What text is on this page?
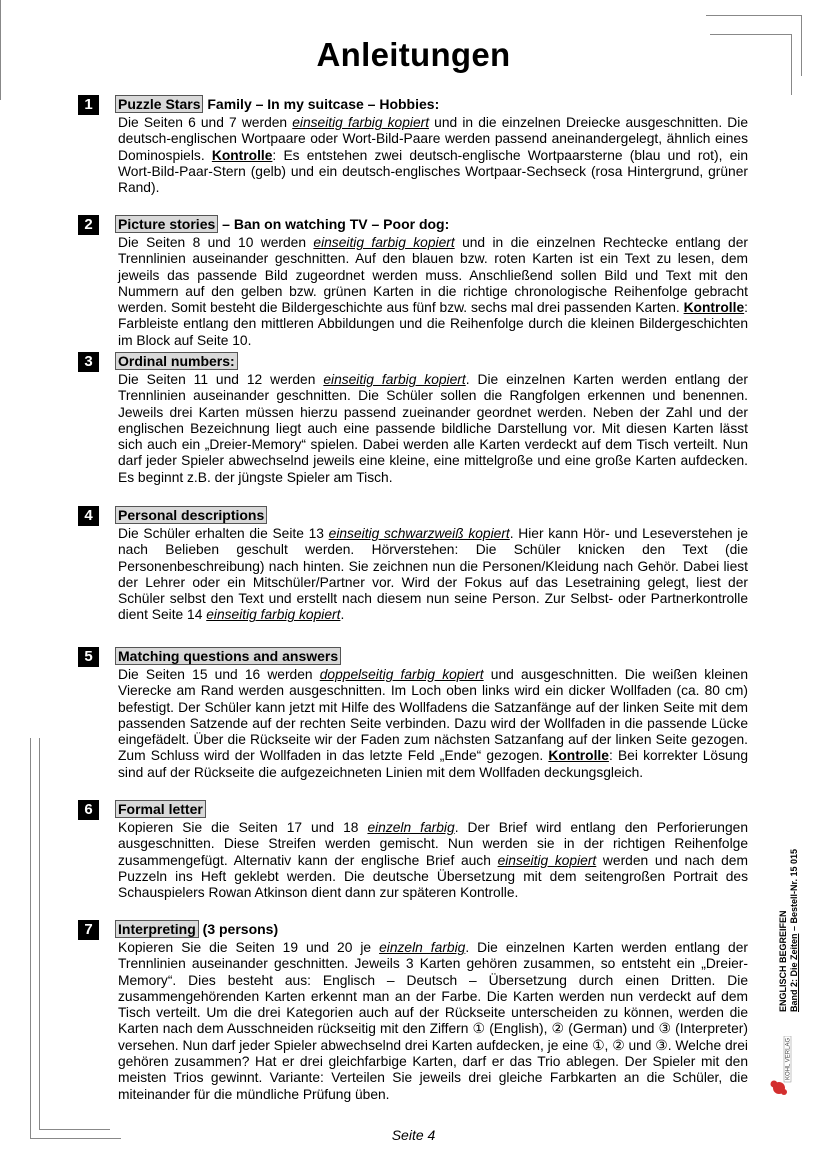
Anleitungen
1	Puzzle Stars Family – In my suitcase – Hobbies:

Die Seiten 6 und 7 werden einseitig farbig kopiert und in die einzelnen Dreiecke ausgeschnitten. Die deutsch-englischen Wortpaare oder Wort-Bild-Paare werden passend aneinandergelegt, ähnlich eines Dominospiels. Kontrolle: Es entstehen zwei deutsch-englische Wortpaarsterne (blau und rot), ein Wort-Bild-Paar-Stern (gelb) und ein deutsch-englisches Wortpaar-Sechseck (rosa Hintergrund, grüner Rand).

2	Picture stories – Ban on watching TV – Poor dog:

Die Seiten 8 und 10 werden einseitig farbig kopiert und in die einzelnen Rechtecke entlang der Trennlinien auseinander geschnitten. Auf den blauen bzw. roten Karten ist ein Text zu lesen, dem jeweils das passende Bild zugeordnet werden muss. Anschließend sollen Bild und Text mit den Nummern auf den gelben bzw. grünen Karten in die richtige chronologische Reihenfolge gebracht werden. Somit besteht die Bildergeschichte aus fünf bzw. sechs mal drei passenden Karten. Kontrolle: Farbleiste entlang den mittleren Abbildungen und die Reihenfolge durch die kleinen Bildergeschichten im Block auf Seite 10.

3	Ordinal numbers:

Die Seiten 11 und 12 werden einseitig farbig kopiert. Die einzelnen Karten werden entlang der Trennlinien auseinander geschnitten. Die Schüler sollen die Rangfolgen erkennen und benennen. Jeweils drei Karten müssen hierzu passend zueinander geordnet werden. Neben der Zahl und der englischen Bezeichnung liegt auch eine passende bildliche Darstellung vor. Mit diesen Karten lässt sich auch ein „Dreier-Memory“ spielen. Dabei werden alle Karten verdeckt auf dem Tisch verteilt. Nun darf jeder Spieler abwechselnd jeweils eine kleine, eine mittelgroße und eine große Karten aufdecken. Es beginnt z.B. der jüngste Spieler am Tisch.

4	Personal descriptions

Die Schüler erhalten die Seite 13 einseitig schwarzweiß kopiert. Hier kann Hör- und Leseverstehen je nach Belieben geschult werden. Hörverstehen: Die Schüler knicken den Text (die Personenbeschreibung) nach hinten. Sie zeichnen nun die Personen/Kleidung nach Gehör. Dabei liest der Lehrer oder ein Mitschüler/Partner vor. Wird der Fokus auf das Lesetraining gelegt, liest der Schüler selbst den Text und erstellt nach diesem nun seine Person. Zur Selbst- oder Partnerkontrolle dient Seite 14 einseitig farbig kopiert.

5	Matching questions and answers

Die Seiten 15 und 16 werden doppelseitig farbig kopiert und ausgeschnitten. Die weißen kleinen Vierecke am Rand werden ausgeschnitten. Im Loch oben links wird ein dicker Wollfaden (ca. 80 cm) befestigt. Der Schüler kann jetzt mit Hilfe des Wollfadens die Satzanfänge auf der linken Seite mit dem passenden Satzende auf der rechten Seite verbinden. Dazu wird der Wollfaden in die passende Lücke eingefädelt. Über die Rückseite wir der Faden zum nächsten Satzanfang auf der linken Seite gezogen. Zum Schluss wird der Wollfaden in das letzte Feld „Ende“ gezogen. Kontrolle: Bei korrekter Lösung sind auf der Rückseite die aufgezeichneten Linien mit dem Wollfaden deckungsgleich.

6	Formal letter

Kopieren Sie die Seiten 17 und 18 einzeln farbig. Der Brief wird entlang den Perforierungen ausgeschnitten. Diese Streifen werden gemischt. Nun werden sie in der richtigen Reihenfolge zusammengefügt. Alternativ kann der englische Brief auch einseitig kopiert werden und nach dem Puzzeln ins Heft geklebt werden. Die deutsche Übersetzung mit dem seitengroßen Portrait des Schauspielers Rowan Atkinson dient dann zur späteren Kontrolle.

7	Interpreting (3 persons)

Kopieren Sie die Seiten 19 und 20 je einzeln farbig. Die einzelnen Karten werden entlang der Trennlinien auseinander geschnitten. Jeweils 3 Karten gehören zusammen, so entsteht ein „Dreier-Memory“. Dies besteht aus: Englisch – Deutsch – Übersetzung durch einen Dritten. Die zusammengehörenden Karten erkennt man an der Farbe. Die Karten werden nun verdeckt auf dem Tisch verteilt. Um die drei Kategorien auch auf der Rückseite unterscheiden zu können, werden die Karten nach dem Ausschneiden rückseitig mit den Ziffern ① (English), ② (German) und ③ (Interpreter) versehen. Nun darf jeder Spieler abwechselnd drei Karten aufdecken, je eine ①, ② und ③. Welche drei gehören zusammen? Hat er drei gleichfarbige Karten, darf er das Trio ablegen. Der Spieler mit den meisten Trios gewinnt. Variante: Verteilen Sie jeweils drei gleiche Farbkarten an die Schüler, die miteinander für die mündliche Prüfung üben.

ENGLISCH BEGREIFEN Band 2: Die Zeiten – Bestell-Nr. 15 015
KOHL VERLAG
Seite 4
